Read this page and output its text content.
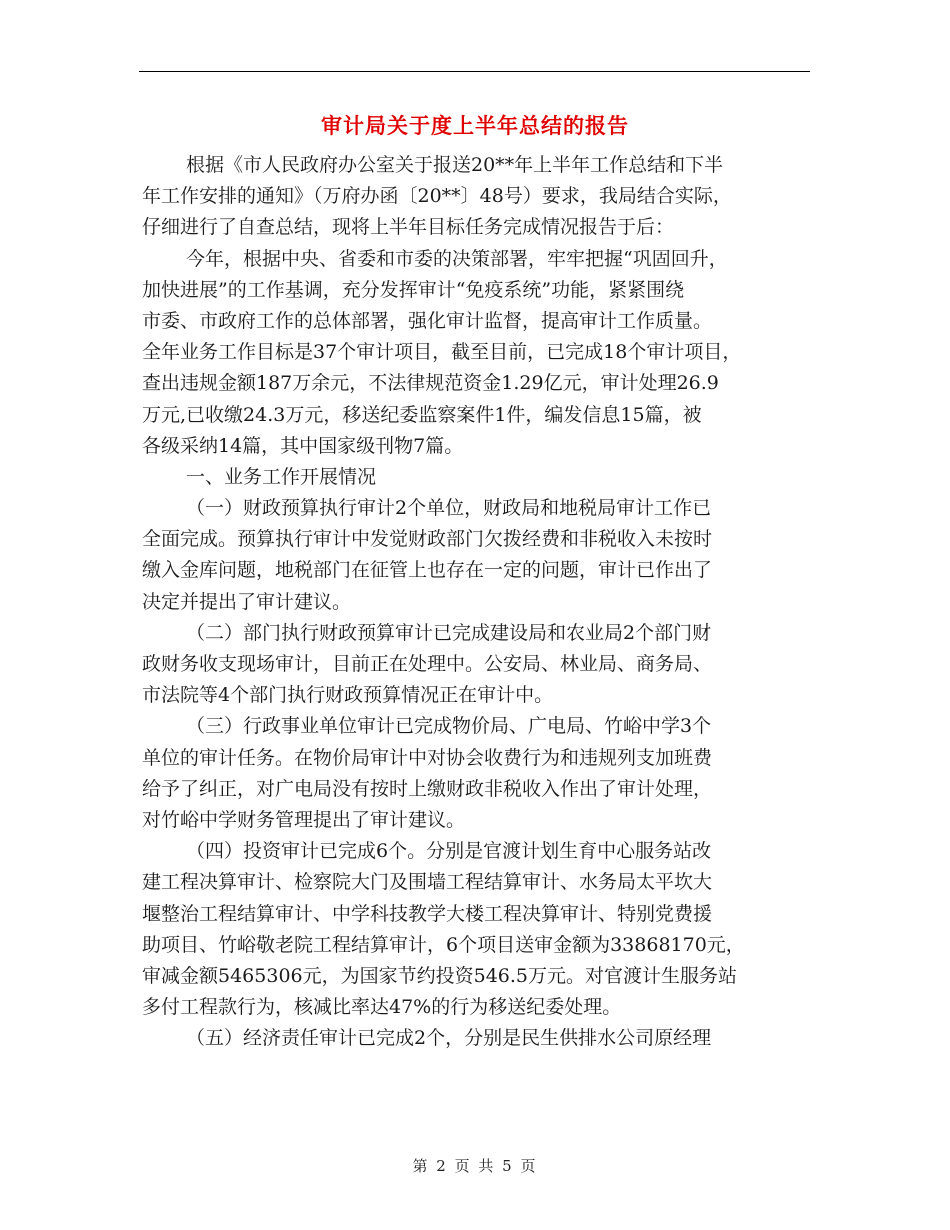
审计局关于度上半年总结的报告
根据《市人民政府办公室关于报送20**年上半年工作总结和下半
年工作安排的通知》（万府办函〔20**〕48号）要求，我局结合实际，
仔细进行了自查总结，现将上半年目标任务完成情况报告于后：
今年，根据中央、省委和市委的决策部署，牢牢把握“巩固回升，
加快进展”的工作基调，充分发挥审计“免疫系统”功能，紧紧围绕
市委、市政府工作的总体部署，强化审计监督，提高审计工作质量。
全年业务工作目标是37个审计项目，截至目前，已完成18个审计项目，
查出违规金额187万余元，不法律规范资金1.29亿元，审计处理26.9
万元,已收缴24.3万元，移送纪委监察案件1件，编发信息15篇，被
各级采纳14篇，其中国家级刊物7篇。
一、业务工作开展情况
（一）财政预算执行审计2个单位，财政局和地税局审计工作已
全面完成。预算执行审计中发觉财政部门欠拨经费和非税收入未按时
缴入金库问题，地税部门在征管上也存在一定的问题，审计已作出了
决定并提出了审计建议。
（二）部门执行财政预算审计已完成建设局和农业局2个部门财
政财务收支现场审计，目前正在处理中。公安局、林业局、商务局、
市法院等4个部门执行财政预算情况正在审计中。
（三）行政事业单位审计已完成物价局、广电局、竹峪中学3个
单位的审计任务。在物价局审计中对协会收费行为和违规列支加班费
给予了纠正，对广电局没有按时上缴财政非税收入作出了审计处理，
对竹峪中学财务管理提出了审计建议。
（四）投资审计已完成6个。分别是官渡计划生育中心服务站改
建工程决算审计、检察院大门及围墙工程结算审计、水务局太平坎大
堰整治工程结算审计、中学科技教学大楼工程决算审计、特别党费援
助项目、竹峪敬老院工程结算审计，6个项目送审金额为33868170元，
审减金额5465306元，为国家节约投资546.5万元。对官渡计生服务站
多付工程款行为，核减比率达47%的行为移送纪委处理。
（五）经济责任审计已完成2个，分别是民生供排水公司原经理
第 2 页 共 5 页
